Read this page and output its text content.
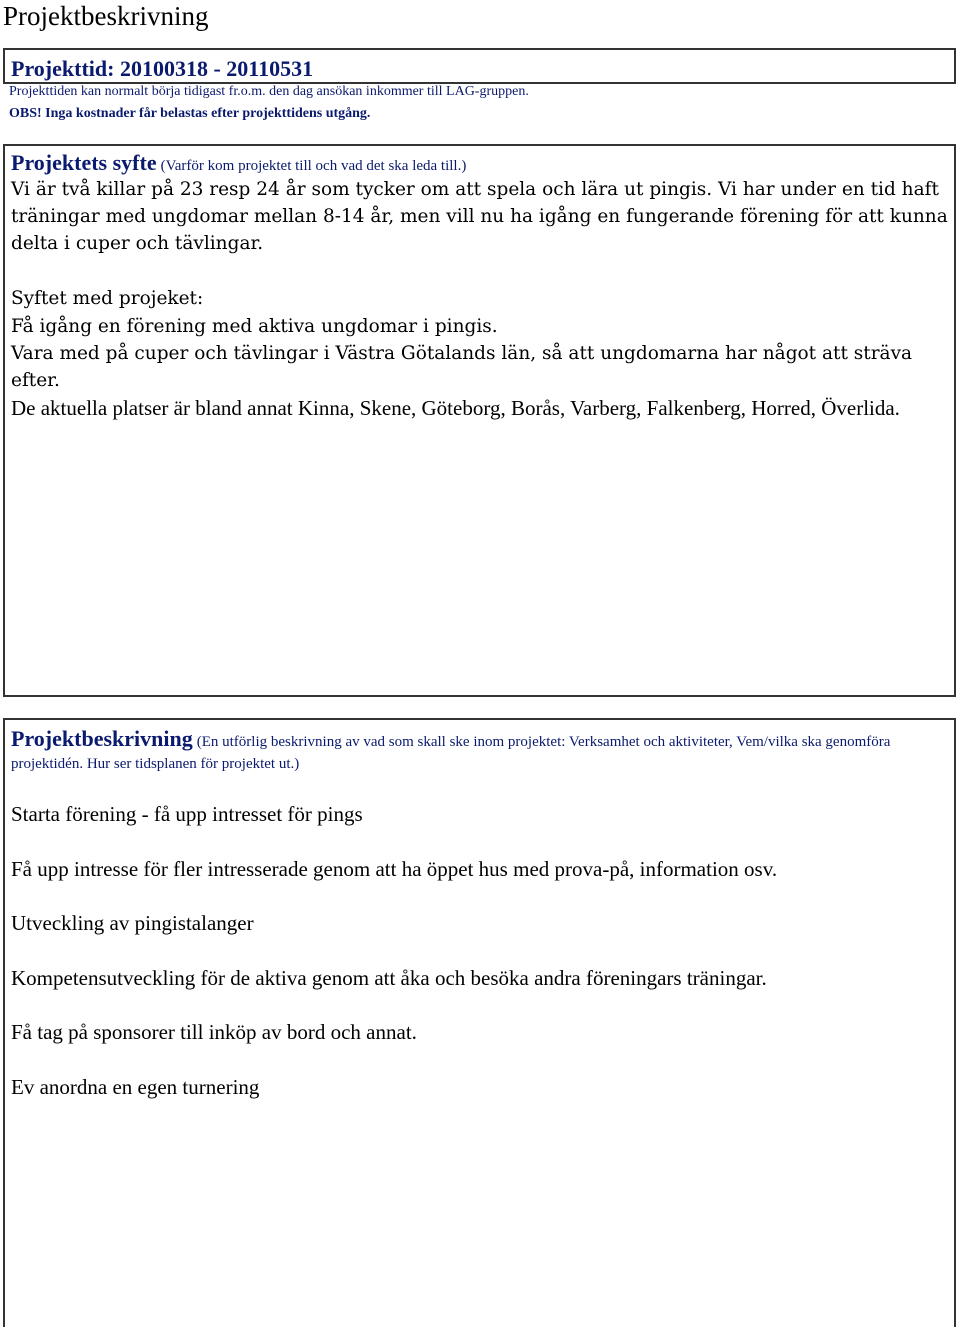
Projektbeskrivning
Projekttid: 20100318 - 20110531
Projekttiden kan normalt börja tidigast fr.o.m. den dag ansökan inkommer till LAG-gruppen.
OBS! Inga kostnader får belastas efter projekttidens utgång.
Projektets syfte (Varför kom projektet till och vad det ska leda till.)
Vi är två killar på 23 resp 24 år som tycker om att spela och lära ut pingis. Vi har under en tid haft träningar med ungdomar mellan 8-14 år, men vill nu ha igång en fungerande förening för att kunna delta i cuper och tävlingar.
Syftet med projeket:
Få igång en förening med aktiva ungdomar i pingis.
Vara med på cuper och tävlingar i Västra Götalands län, så att ungdomarna har något att sträva efter.
De aktuella platser är bland annat Kinna, Skene, Göteborg, Borås, Varberg, Falkenberg, Horred, Överlida.
Projektbeskrivning (En utförlig beskrivning av vad som skall ske inom projektet: Verksamhet och aktiviteter, Vem/vilka ska genomföra projektidén. Hur ser tidsplanen för projektet ut.)
Starta förening - få upp intresset för pings
Få upp intresse för fler intresserade genom att ha öppet hus med prova-på, information osv.
Utveckling av pingistalanger
Kompetensutveckling för de aktiva genom att åka och besöka andra föreningars träningar.
Få tag på sponsorer till inköp av bord och annat.
Ev anordna en egen turnering
